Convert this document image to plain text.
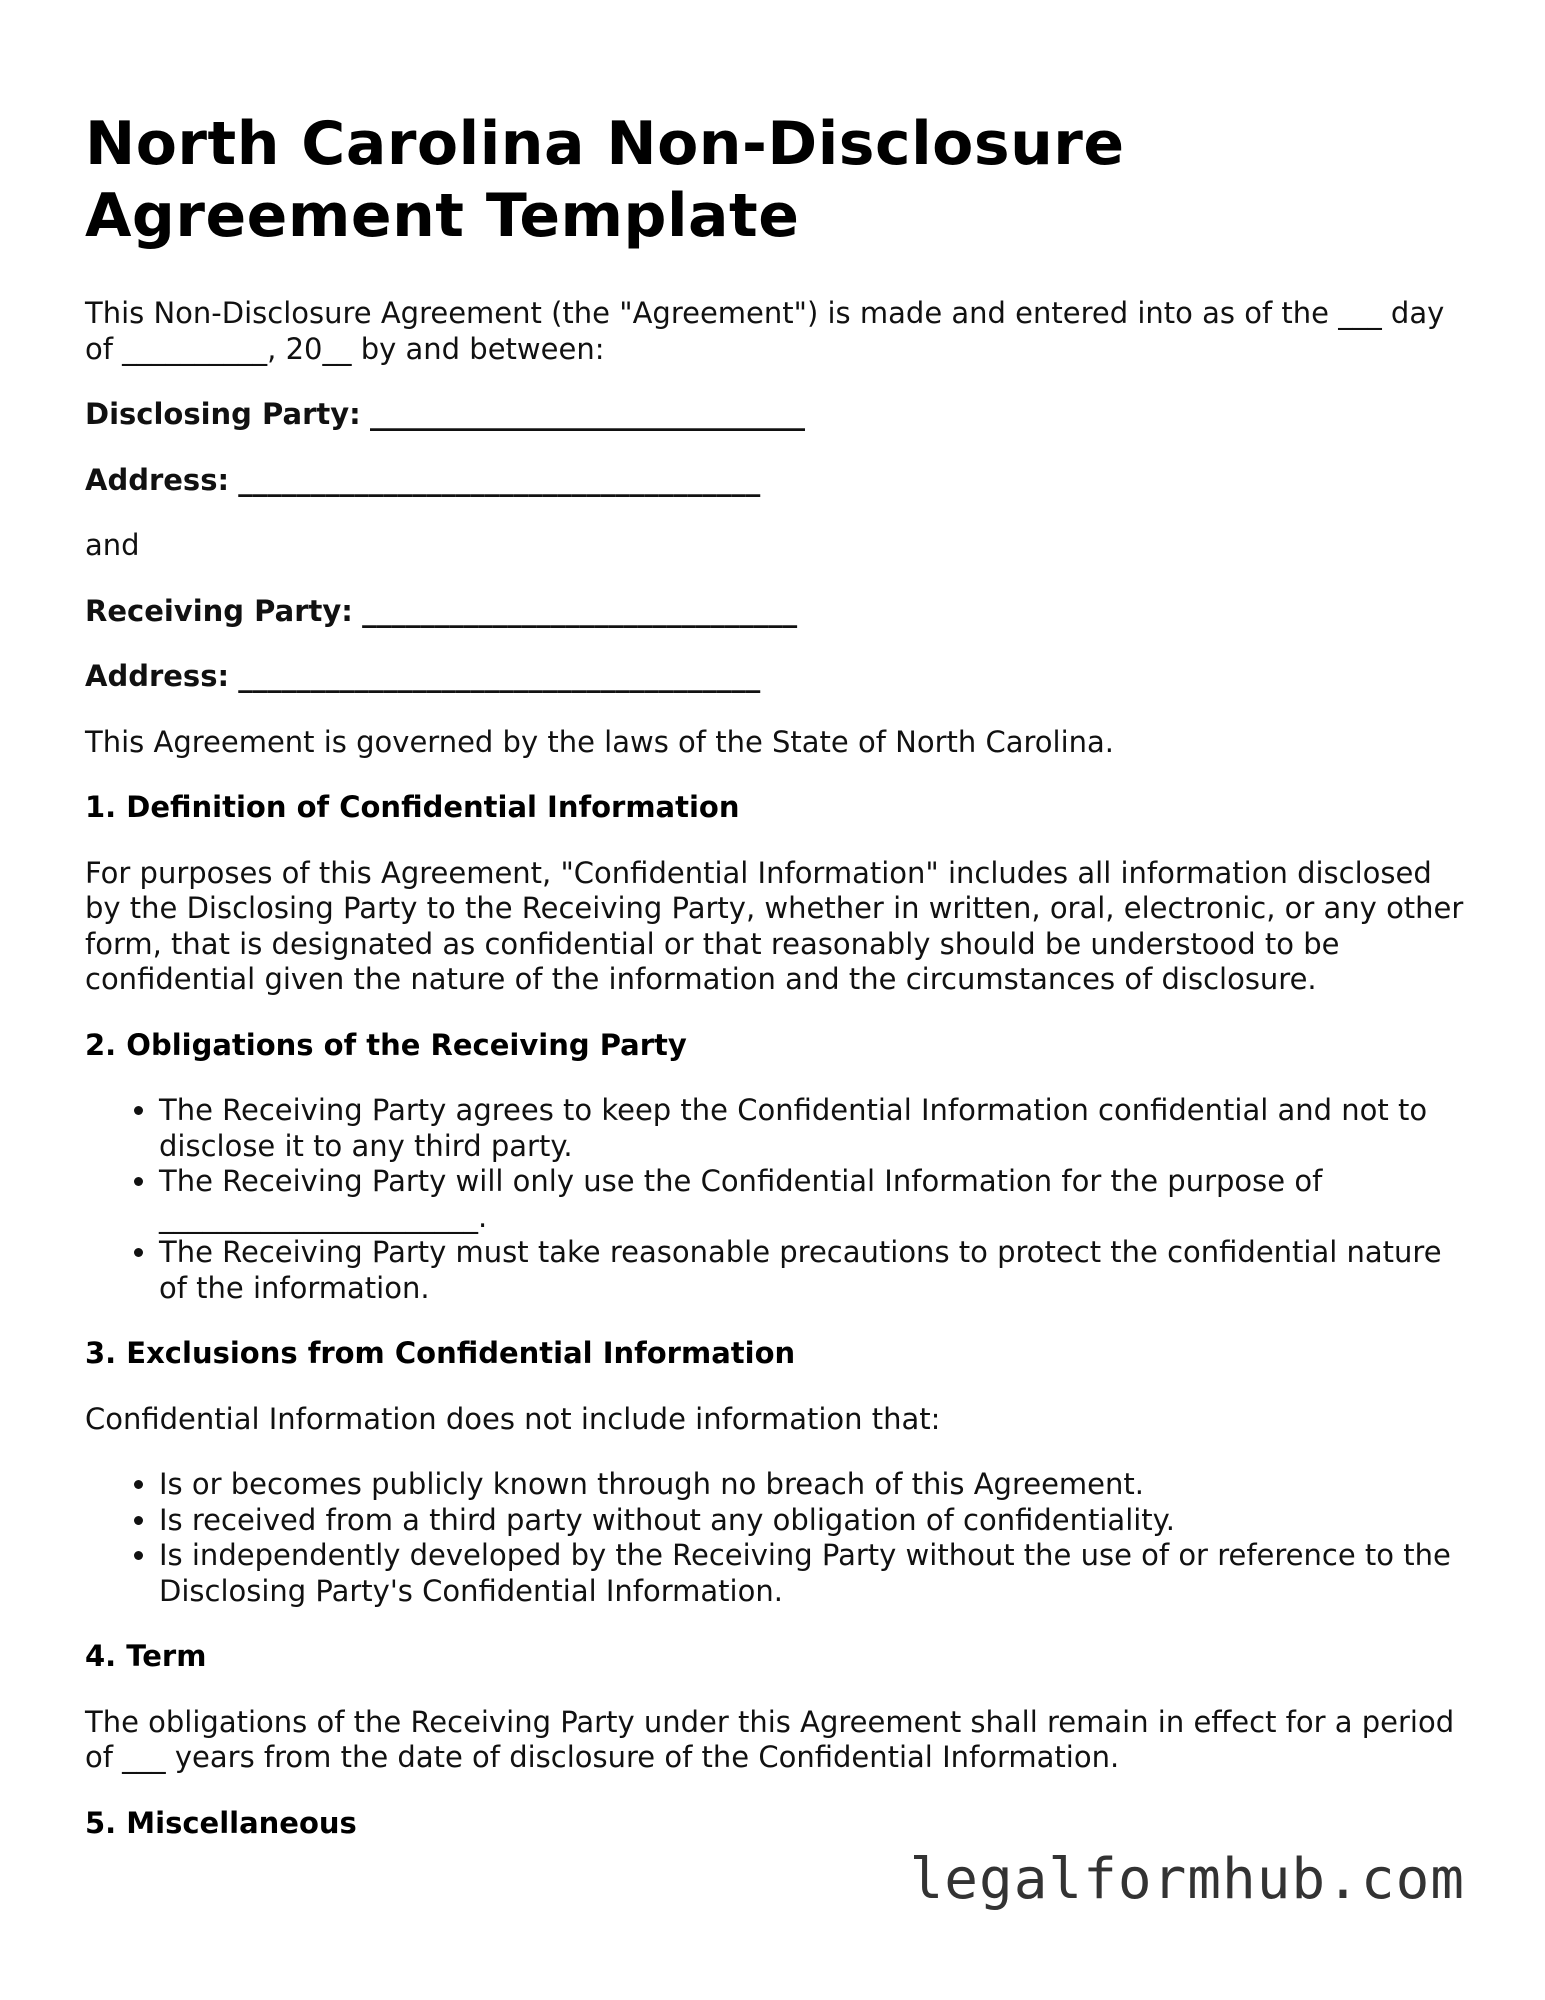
North Carolina Non-Disclosure Agreement Template

This Non-Disclosure Agreement (the "Agreement") is made and entered into as of the ___ day of __________, 20__ by and between:

Disclosing Party: ______________________________
Address: ____________________________________

and

Receiving Party: ______________________________
Address: ____________________________________

This Agreement is governed by the laws of the State of North Carolina.

1. Definition of Confidential Information

For purposes of this Agreement, "Confidential Information" includes all information disclosed by the Disclosing Party to the Receiving Party, whether in written, oral, electronic, or any other form, that is designated as confidential or that reasonably should be understood to be confidential given the nature of the information and the circumstances of disclosure.

2. Obligations of the Receiving Party
• The Receiving Party agrees to keep the Confidential Information confidential and not to disclose it to any third party.
• The Receiving Party will only use the Confidential Information for the purpose of ______________________.
• The Receiving Party must take reasonable precautions to protect the confidential nature of the information.
3. Exclusions from Confidential Information

Confidential Information does not include information that:

• Is or becomes publicly known through no breach of this Agreement.
• Is received from a third party without any obligation of confidentiality.
• Is independently developed by the Receiving Party without the use of or reference to the Disclosing Party's Confidential Information.
4. Term

The obligations of the Receiving Party under this Agreement shall remain in effect for a period of ___ years from the date of disclosure of the Confidential Information.

5. Miscellaneous
legalformhub.com
